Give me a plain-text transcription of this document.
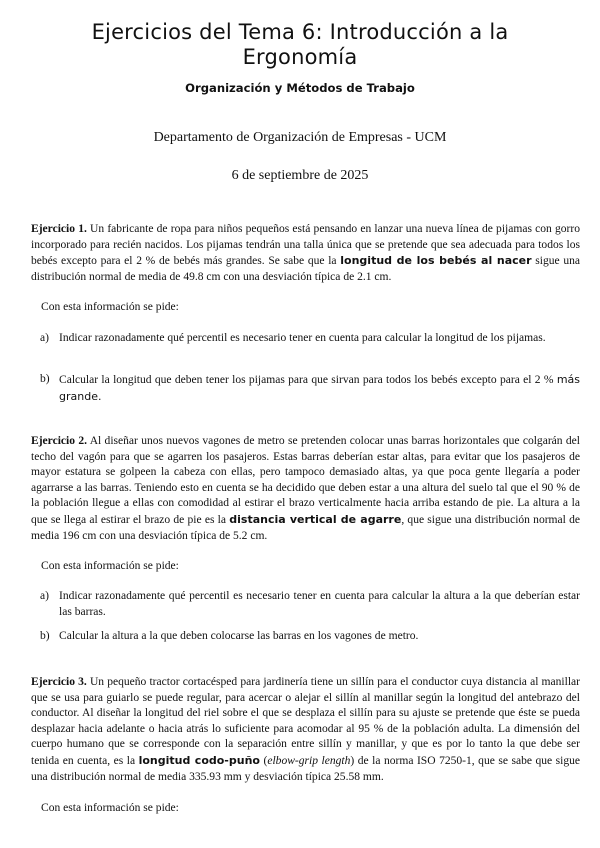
Ejercicios del Tema 6: Introducción a la Ergonomía
Organización y Métodos de Trabajo
Departamento de Organización de Empresas - UCM
6 de septiembre de 2025

Ejercicio 1. Un fabricante de ropa para niños pequeños está pensando en lanzar una nueva línea de pijamas con gorro incorporado para recién nacidos. Los pijamas tendrán una talla única que se pretende que sea adecuada para todos los bebés excepto para el 2 % de bebés más grandes. Se sabe que la longitud de los bebés al nacer sigue una distribución normal de media de 49.8 cm con una desviación típica de 2.1 cm.

Con esta información se pide:

a) Indicar razonadamente qué percentil es necesario tener en cuenta para calcular la longitud de los pijamas.
b) Calcular la longitud que deben tener los pijamas para que sirvan para todos los bebés excepto para el 2 % más grande.

Ejercicio 2. Al diseñar unos nuevos vagones de metro se pretenden colocar unas barras horizontales que colgarán del techo del vagón para que se agarren los pasajeros. Estas barras deberían estar altas, para evitar que los pasajeros de mayor estatura se golpeen la cabeza con ellas, pero tampoco demasiado altas, ya que poca gente llegaría a poder agarrarse a las barras. Teniendo esto en cuenta se ha decidido que deben estar a una altura del suelo tal que el 90 % de la población llegue a ellas con comodidad al estirar el brazo verticalmente hacia arriba estando de pie. La altura a la que se llega al estirar el brazo de pie es la distancia vertical de agarre, que sigue una distribución normal de media 196 cm con una desviación típica de 5.2 cm.

Con esta información se pide:

a) Indicar razonadamente qué percentil es necesario tener en cuenta para calcular la altura a la que deberían estar las barras.
b) Calcular la altura a la que deben colocarse las barras en los vagones de metro.

Ejercicio 3. Un pequeño tractor cortacésped para jardinería tiene un sillín para el conductor cuya distancia al manillar que se usa para guiarlo se puede regular, para acercar o alejar el sillín al manillar según la longitud del antebrazo del conductor. Al diseñar la longitud del riel sobre el que se desplaza el sillín para su ajuste se pretende que éste se pueda desplazar hacia adelante o hacia atrás lo suficiente para acomodar al 95 % de la población adulta. La dimensión del cuerpo humano que se corresponde con la separación entre sillín y manillar, y que es por lo tanto la que debe ser tenida en cuenta, es la longitud codo-puño (elbow-grip length) de la norma ISO 7250-1, que se sabe que sigue una distribución normal de media 335.93 mm y desviación típica 25.58 mm.

Con esta información se pide:
